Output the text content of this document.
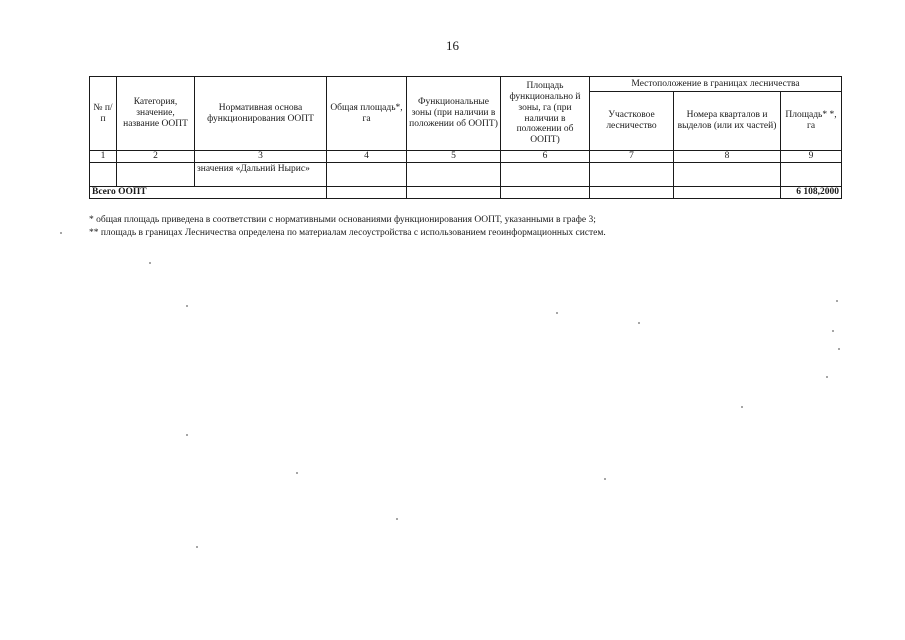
16
№ п/п	Категория, значение, название ООПТ	Нормативная основа функционирования ООПТ	Общая площадь*, га	Функциональные зоны (при наличии в положении об ООПТ)	Площадь функционально й зоны, га (при наличии в положении об ООПТ)	Местоположение в границах лесничества		
						Участковое лесничество	Номера кварталов и выделов (или их частей)	Площадь* *, га
1	2	3	4	5	6	7	8	9
		значения «Дальний Нырис»						
Всего ООПТ								6 108,2000
* общая площадь приведена в соответствии с нормативными основаниями функционирования ООПТ, указанными в графе 3;
** площадь в границах Лесничества определена по материалам лесоустройства с использованием геоинформационных систем.
